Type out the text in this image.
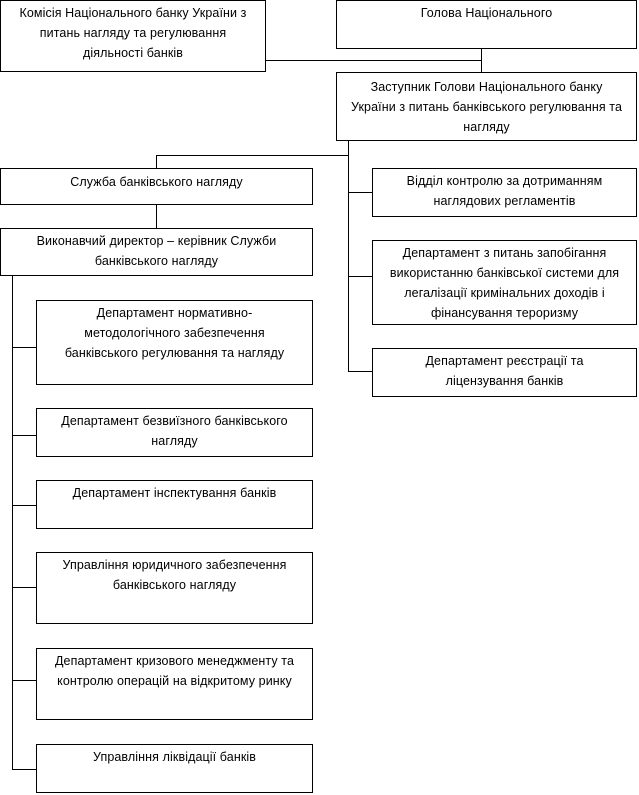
Комісія Національного банку України з питань нагляду та регулювання діяльності банків
Голова Національного
Заступник Голови Національного банку України з питань банківського регулювання та нагляду
Служба банківського нагляду
Виконавчий директор – керівник Служби банківського нагляду
Відділ контролю за дотриманням наглядових регламентів
Департамент з питань запобігання використанню банківської системи для легалізації кримінальних доходів і фінансування тероризму
Департамент реєстрації та ліцензування банків
Департамент нормативно-методологічного забезпечення банківського регулювання та нагляду
Департамент безвиїзного банківського нагляду
Департамент інспектування банків
Управління юридичного забезпечення банківського нагляду
Департамент кризового менеджменту та контролю операцій на відкритому ринку
Управління ліквідації банків
